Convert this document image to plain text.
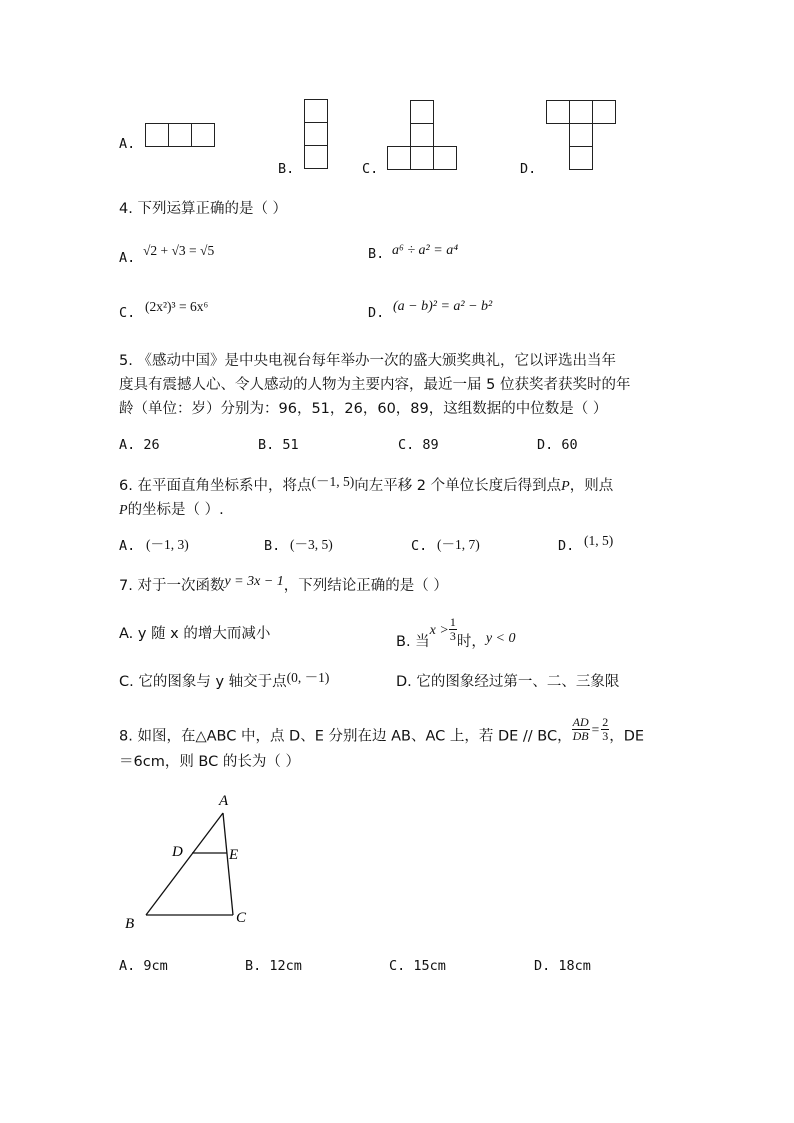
A.
B.	C.	D.
4. 下列运算正确的是（ ）
A. √2 + √3 = √5	B. a⁶ ÷ a² = a⁴
C. (2x²)³ = 6x⁶	D. (a − b)² = a² − b²
5. 《感动中国》是中央电视台每年举办一次的盛大颁奖典礼，它以评选出当年
度具有震撼人心、令人感动的人物为主要内容，最近一届 5 位获奖者获奖时的年
龄（单位：岁）分别为：96，51，26，60，89，这组数据的中位数是（ ）
A. 26	B. 51	C. 89	D. 60
6. 在平面直角坐标系中，将点(－1, 5)向左平移 2 个单位长度后得到点P，则点
P的坐标是（ ）.
A. (－1, 3)	B. (－3, 5)	C. (－1, 7)	D. (1, 5)
7. 对于一次函数y = 3x − 1，下列结论正确的是（ ）
A. y 随 x 的增大而减小	B. 当$x > \frac{1}{3}$ 时，y < 0
C. 它的图象与 y 轴交于点(0, －1)	D. 它的图象经过第一、二、三象限
8. 如图，在△ABC 中，点 D、E 分别在边 AB、AC 上，若 DE // BC， $\frac{AD}{DB} = \frac{2}{3}$ ，DE
＝6cm，则 BC 的长为（ ）
A
B	C
D	E
A. 9cm	B. 12cm	C. 15cm	D. 18cm
